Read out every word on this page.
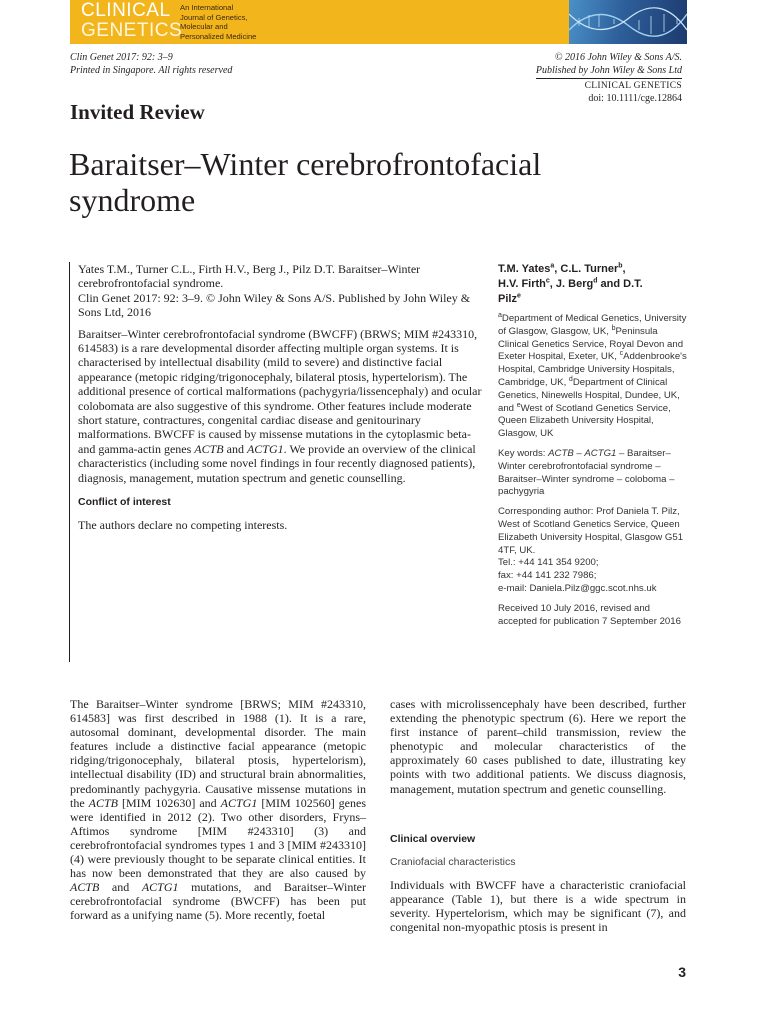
CLINICAL
GENETICS
An International
Journal of Genetics,
Molecular and
Personalized Medicine
Clin Genet 2017: 92: 3–9
Printed in Singapore. All rights reserved
© 2016 John Wiley & Sons A/S.
Published by John Wiley & Sons Ltd
CLINICAL GENETICS
doi: 10.1111/cge.12864
Invited Review
Baraitser–Winter cerebrofrontofacial syndrome

Yates T.M., Turner C.L., Firth H.V., Berg J., Pilz D.T. Baraitser–Winter cerebrofrontofacial syndrome.
Clin Genet 2017: 92: 3–9. © John Wiley & Sons A/S. Published by John Wiley & Sons Ltd, 2016

Baraitser–Winter cerebrofrontofacial syndrome (BWCFF) (BRWS; MIM #243310, 614583) is a rare developmental disorder affecting multiple organ systems. It is characterised by intellectual disability (mild to severe) and distinctive facial appearance (metopic ridging/trigonocephaly, bilateral ptosis, hypertelorism). The additional presence of cortical malformations (pachygyria/lissencephaly) and ocular colobomata are also suggestive of this syndrome. Other features include moderate short stature, contractures, congenital cardiac disease and genitourinary malformations. BWCFF is caused by missense mutations in the cytoplasmic beta- and gamma-actin genes ACTB and ACTG1. We provide an overview of the clinical characteristics (including some novel findings in four recently diagnosed patients), diagnosis, management, mutation spectrum and genetic counselling.

Conflict of interest

The authors declare no competing interests.

T.M. Yates$^a$, C.L. Turner$^b$,
H.V. Firth$^c$, J. Berg$^d$ and D.T.
Pilz$^e$

$^a$Department of Medical Genetics, University of Glasgow, Glasgow, UK, $^b$Peninsula Clinical Genetics Service, Royal Devon and Exeter Hospital, Exeter, UK, $^c$Addenbrooke's Hospital, Cambridge University Hospitals, Cambridge, UK, $^d$Department of Clinical Genetics, Ninewells Hospital, Dundee, UK, and $^e$West of Scotland Genetics Service, Queen Elizabeth University Hospital, Glasgow, UK

Key words: ACTB – ACTG1 – Baraitser–Winter cerebrofrontofacial syndrome – Baraitser–Winter syndrome – coloboma – pachygyria

Corresponding author: Prof Daniela T. Pilz, West of Scotland Genetics Service, Queen Elizabeth University Hospital, Glasgow G51 4TF, UK.
Tel.: +44 141 354 9200;
fax: +44 141 232 7986;
e-mail: Daniela.Pilz@ggc.scot.nhs.uk

Received 10 July 2016, revised and accepted for publication 7 September 2016

The Baraitser–Winter syndrome [BRWS; MIM #243310, 614583] was first described in 1988 (1). It is a rare, autosomal dominant, developmental disorder. The main features include a distinctive facial appearance (metopic ridging/trigonocephaly, bilateral ptosis, hypertelorism), intellectual disability (ID) and structural brain abnormalities, predominantly pachygyria. Causative missense mutations in the ACTB [MIM 102630] and ACTG1 [MIM 102560] genes were identified in 2012 (2). Two other disorders, Fryns–Aftimos syndrome [MIM #243310] (3) and cerebrofrontofacial syndromes types 1 and 3 [MIM #243310] (4) were previously thought to be separate clinical entities. It has now been demonstrated that they are also caused by ACTB and ACTG1 mutations, and Baraitser–Winter cerebrofrontofacial syndrome (BWCFF) has been put forward as a unifying name (5). More recently, foetal

cases with microlissencephaly have been described, further extending the phenotypic spectrum (6). Here we report the first instance of parent–child transmission, review the phenotypic and molecular characteristics of the approximately 60 cases published to date, illustrating key points with two additional patients. We discuss diagnosis, management, mutation spectrum and genetic counselling.

Clinical overview
Craniofacial characteristics

Individuals with BWCFF have a characteristic craniofacial appearance (Table 1), but there is a wide spectrum in severity. Hypertelorism, which may be significant (7), and congenital non-myopathic ptosis is present in

3
